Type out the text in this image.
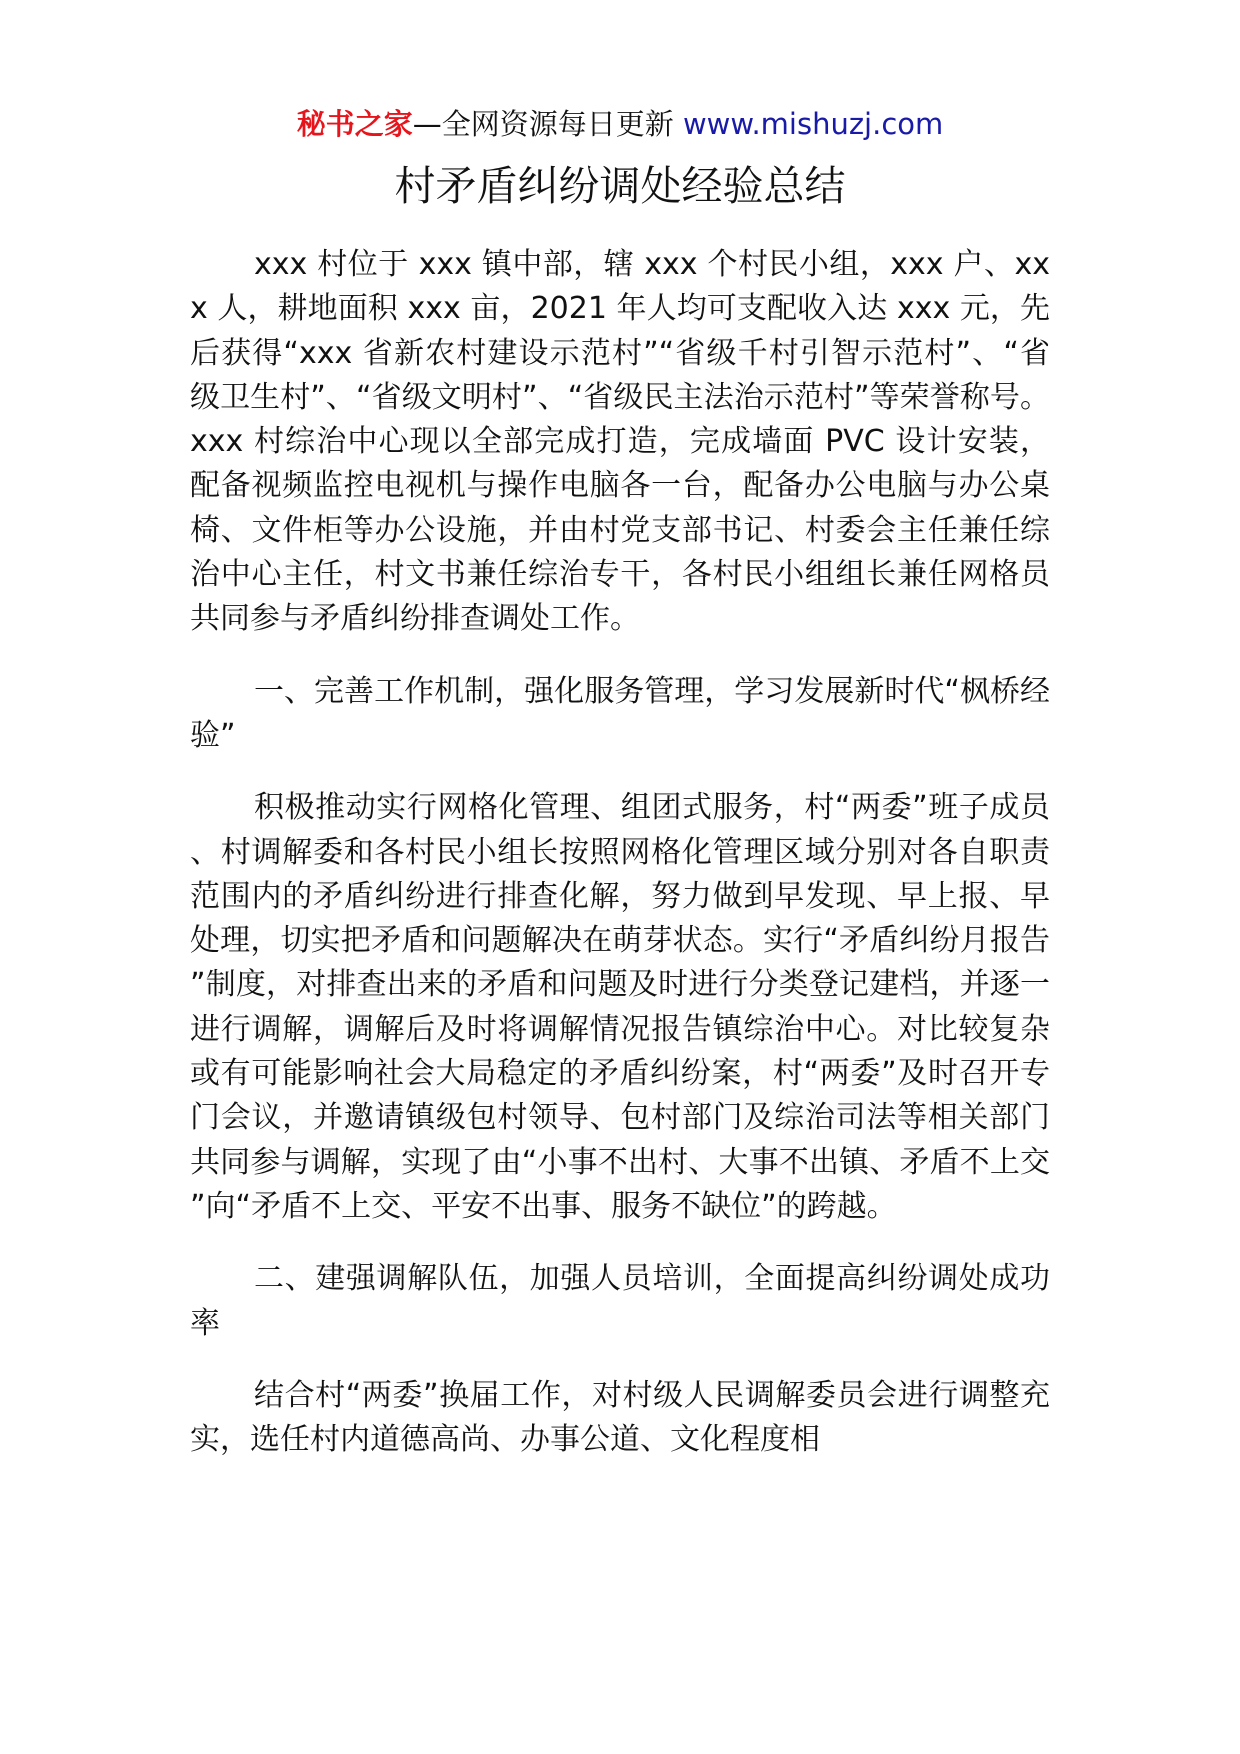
秘书之家—全网资源每日更新 www.mishuzj.com
村矛盾纠纷调处经验总结

xxx 村位于 xxx 镇中部，辖 xxx 个村民小组，xxx 户、xxx 人，耕地面积 xxx 亩，2021 年人均可支配收入达 xxx 元，先后获得“xxx 省新农村建设示范村”“省级千村引智示范村”、“省级卫生村”、“省级文明村”、“省级民主法治示范村”等荣誉称号。xxx 村综治中心现以全部完成打造，完成墙面 PVC 设计安装，配备视频监控电视机与操作电脑各一台，配备办公电脑与办公桌椅、文件柜等办公设施，并由村党支部书记、村委会主任兼任综治中心主任，村文书兼任综治专干，各村民小组组长兼任网格员共同参与矛盾纠纷排查调处工作。

一、完善工作机制，强化服务管理，学习发展新时代“枫桥经验”

积极推动实行网格化管理、组团式服务，村“两委”班子成员、村调解委和各村民小组长按照网格化管理区域分别对各自职责范围内的矛盾纠纷进行排查化解，努力做到早发现、早上报、早处理，切实把矛盾和问题解决在萌芽状态。实行“矛盾纠纷月报告”制度，对排查出来的矛盾和问题及时进行分类登记建档，并逐一进行调解，调解后及时将调解情况报告镇综治中心。对比较复杂或有可能影响社会大局稳定的矛盾纠纷案，村“两委”及时召开专门会议，并邀请镇级包村领导、包村部门及综治司法等相关部门共同参与调解，实现了由“小事不出村、大事不出镇、矛盾不上交”向“矛盾不上交、平安不出事、服务不缺位”的跨越。

二、建强调解队伍，加强人员培训，全面提高纠纷调处成功率

结合村“两委”换届工作，对村级人民调解委员会进行调整充实，选任村内道德高尚、办事公道、文化程度相
